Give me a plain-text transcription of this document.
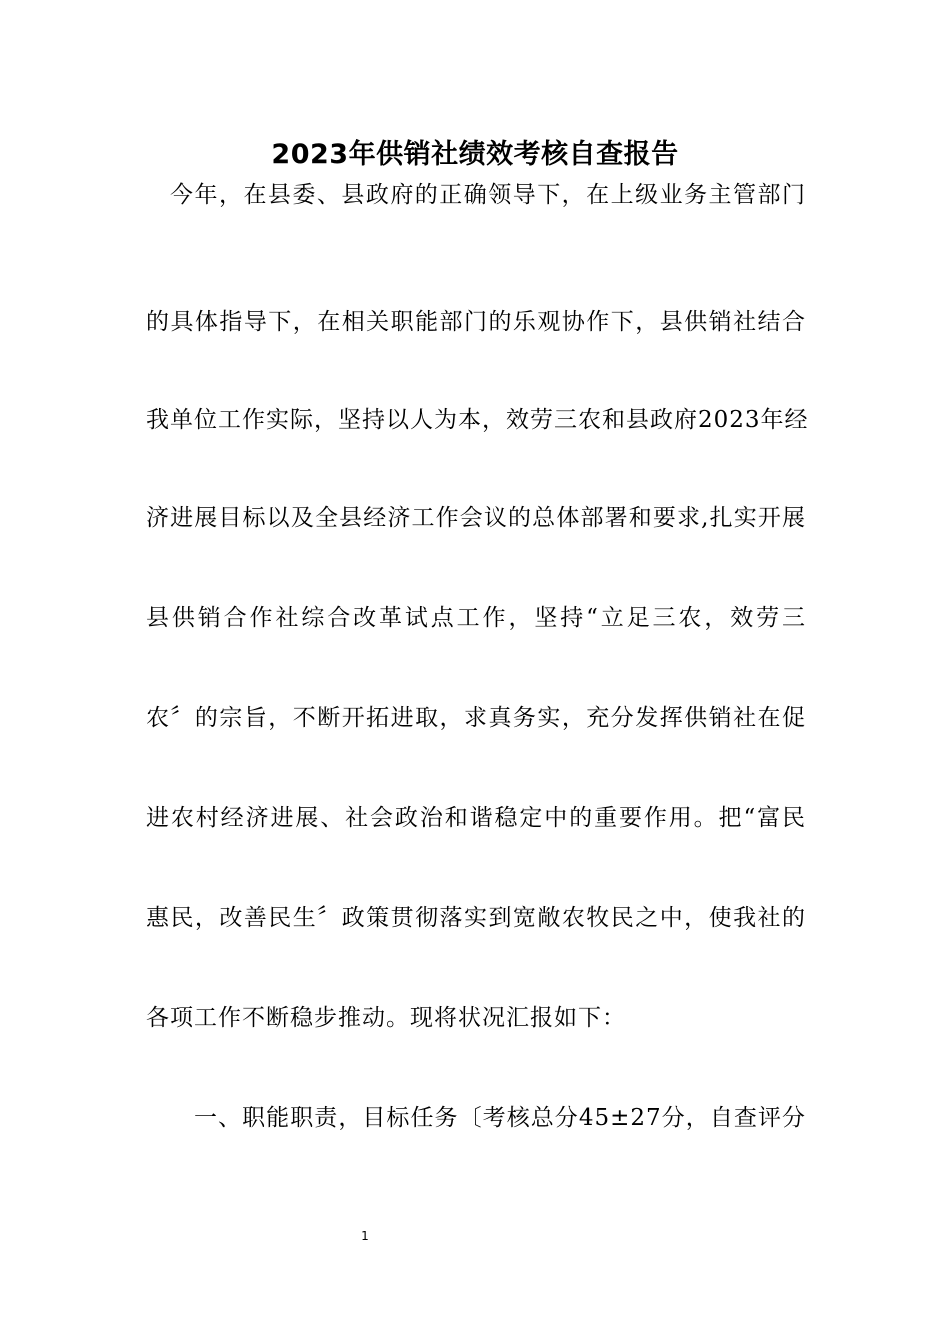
2023年供销社绩效考核自查报告
今年，在县委、县政府的正确领导下，在上级业务主管部门
的具体指导下，在相关职能部门的乐观协作下，县供销社结合
我单位工作实际，坚持以人为本，效劳三农和县政府2023年经
济进展目标以及全县经济工作会议的总体部署和要求,扎实开展
县供销合作社综合改革试点工作，坚持“立足三农，效劳三
农〞的宗旨，不断开拓进取，求真务实，充分发挥供销社在促
进农村经济进展、社会政治和谐稳定中的重要作用。把“富民
惠民，改善民生〞政策贯彻落实到宽敞农牧民之中，使我社的
各项工作不断稳步推动。现将状况汇报如下：
一、职能职责，目标任务〔考核总分45±27分，自查评分
1
